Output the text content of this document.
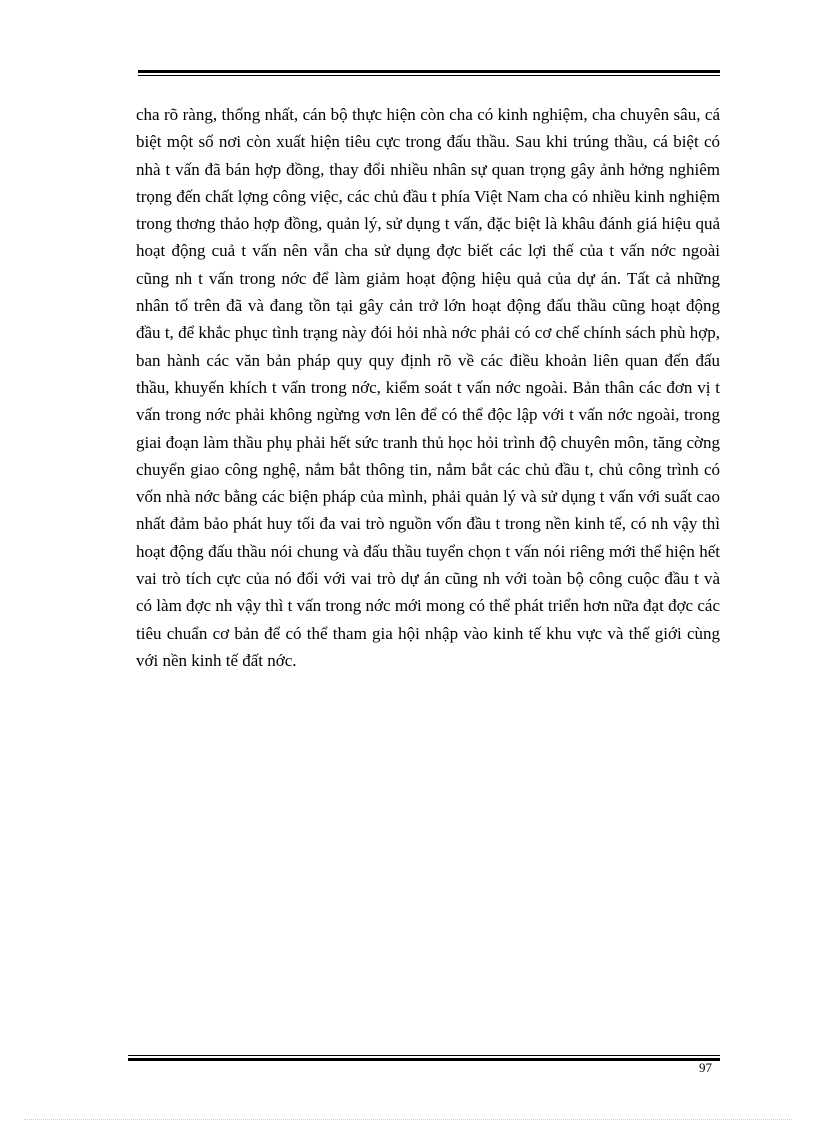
cha rõ ràng, thống nhất, cán bộ thực hiện còn cha có kinh nghiệm, cha chuyên sâu, cá biệt một số nơi còn xuất hiện tiêu cực trong đấu thầu. Sau khi trúng thầu, cá biệt có nhà t vấn đã bán hợp đồng, thay đổi nhiều nhân sự quan trọng gây ảnh hởng nghiêm trọng đến chất lợng công việc, các chủ đầu t phía Việt Nam cha có nhiều kinh nghiệm trong thơng thảo hợp đồng, quản lý, sử dụng t vấn, đặc biệt là khâu đánh giá hiệu quả hoạt động cuả t vấn nên vẫn cha sử dụng đợc biết các lợi thế của t vấn nớc ngoài cũng nh t vấn trong nớc để làm giảm hoạt động hiệu quả của dự án. Tất cả những nhân tố trên đã và đang tồn tại gây cản trở lớn hoạt động đấu thầu cũng hoạt động đầu t, để khắc phục tình trạng này đói hỏi nhà nớc phải có cơ chế chính sách phù hợp, ban hành các văn bản pháp quy quy định rõ về các điều khoản liên quan đến đấu thầu, khuyến khích t vấn trong nớc, kiểm soát t vấn nớc ngoài. Bản thân các đơn vị t vấn trong nớc phải không ngừng vơn lên để có thể độc lập với t vấn nớc ngoài, trong giai đoạn làm thầu phụ phải hết sức tranh thủ học hỏi trình độ chuyên môn, tăng cờng chuyển giao công nghệ, nắm bắt thông tin, nắm bắt các chủ đầu t, chủ công trình có vốn nhà nớc bằng các biện pháp của mình, phải quản lý và sử dụng t vấn với suất cao nhất đảm bảo phát huy tối đa vai trò nguồn vốn đầu t trong nền kinh tế, có nh vậy thì hoạt động đấu thầu nói chung và đấu thầu tuyển chọn t vấn nói riêng mới thể hiện hết vai trò tích cực của nó đối với vai trò dự án cũng nh với toàn bộ công cuộc đầu t và có làm đợc nh vậy thì t vấn trong nớc mới mong có thể phát triển hơn nữa đạt đợc các tiêu chuẩn cơ bản để có thể tham gia hội nhập vào kinh tế khu vực và thế giới cùng với nền kinh tế đất nớc.

97
